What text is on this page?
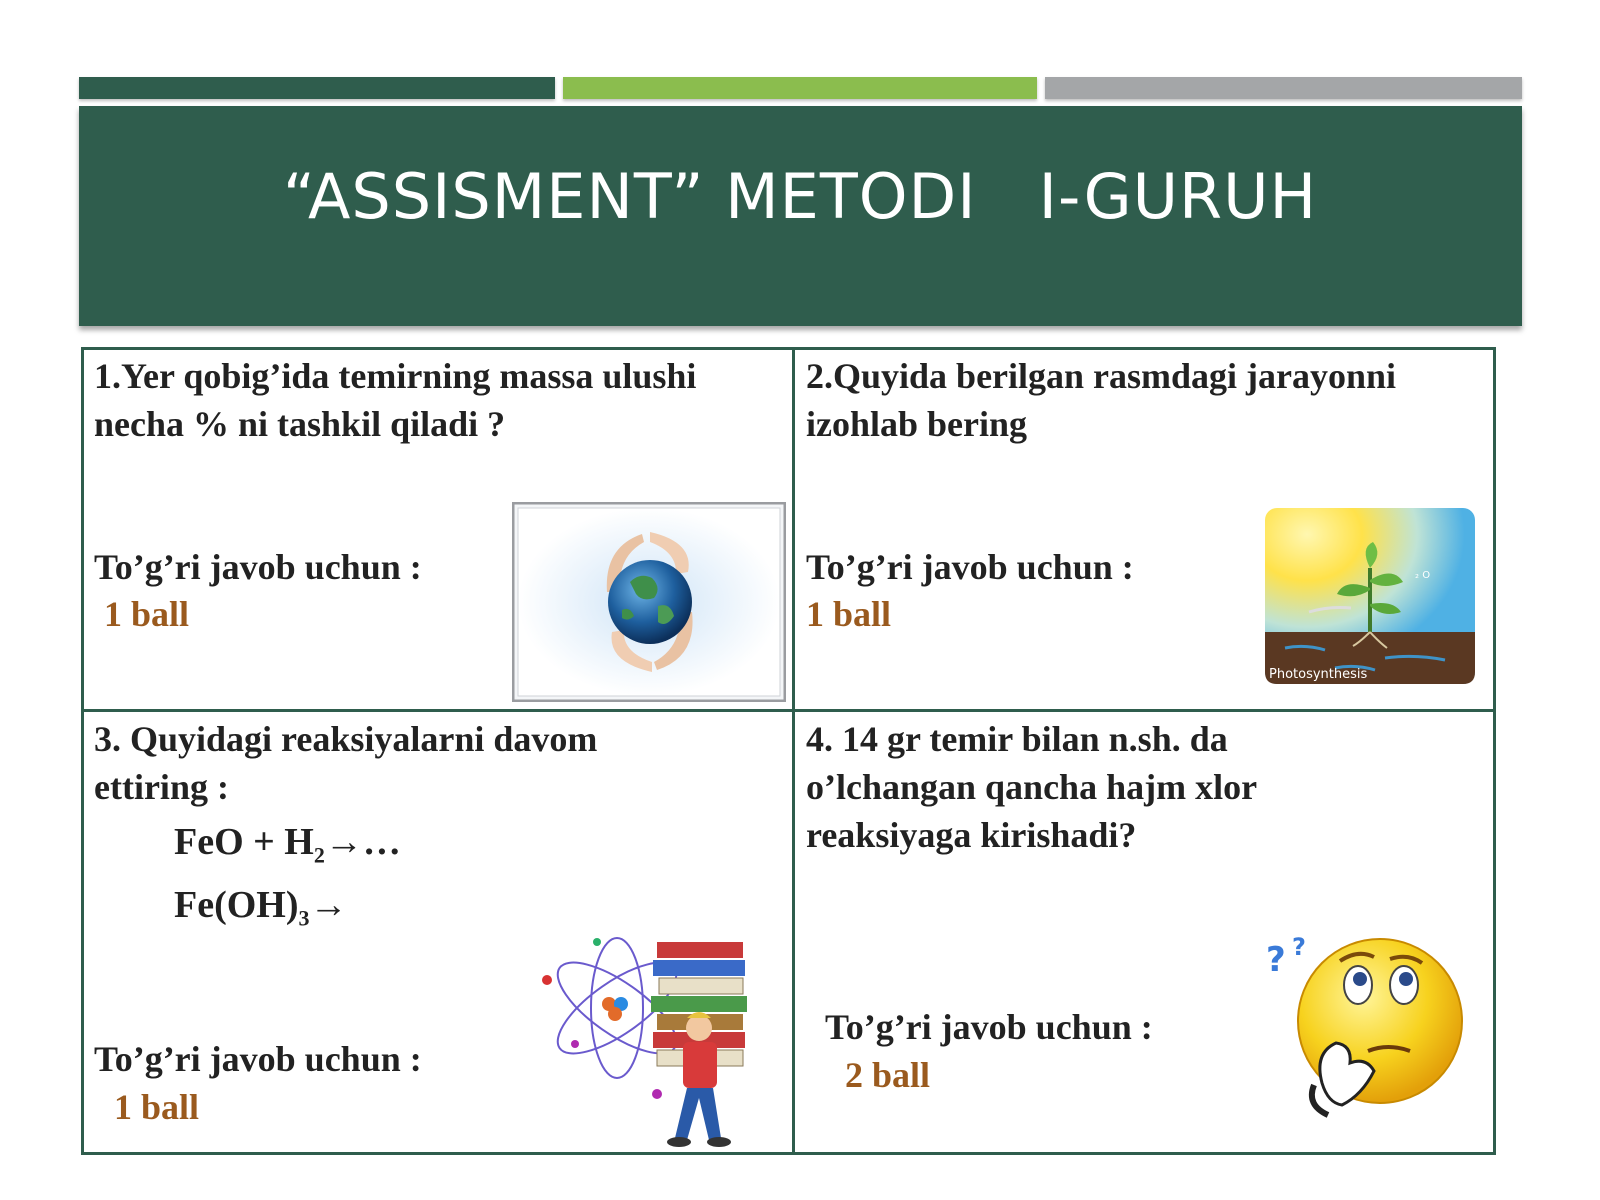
“ASSISMENT” METODI   I-GURUH
1.Yer qobig’ida temirning massa ulushi
necha % ni tashkil qiladi ?
To’g’ri javob uchun :
1 ball
2.Quyida berilgan rasmdagi jarayonni
izohlab bering
To’g’ri javob uchun :
1 ball
₂ O
Photosynthesis
3. Quyidagi reaksiyalarni davom
ettiring :
FeO + $H_2\to\dots$
$Fe(OH)_3\to$
To’g’ri javob uchun :
1 ball
4. 14 gr temir bilan n.sh. da
o’lchangan qancha hajm xlor
reaksiyaga kirishadi?
To’g’ri javob uchun :
2 ball
? ?
